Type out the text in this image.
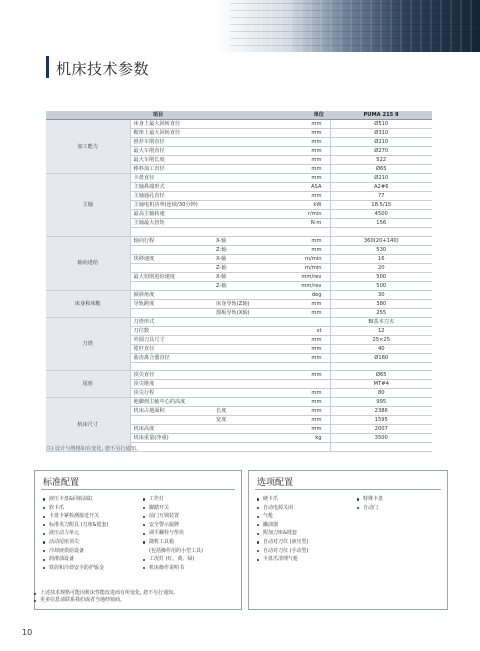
机床技术参数
项目			单位	PUMA 215 Ⅱ
加工能力	床身上最大回转直径		mm	Ø510
	鞍座上最大回转直径		mm	Ø310
	推荐车削直径		mm	Ø210
	最大车削直径		mm	Ø270
	最大车削长度		mm	522
	棒料加工直径		mm	Ø65
主轴	卡盘直径		mm	Ø210
	主轴鼻端形式		ASA	A2#6
	主轴通孔直径		mm	77
	主轴电机功率(连续/30分钟)		kW	18.5/15
	最高主轴转速		r/min	4500
	主轴最大扭矩		N·m	156

轴向进给	轴向行程	X-轴	mm	360(20+140)
		Z-轴	mm	530
	快移速度	X-轴	m/min	16
		Z-轴	m/min	20
	最大切削进给速度	X-轴	mm/rev	500
		Z-轴	mm/rev	500
床身和床鞍	倾斜角度		deg	30
	导轨跨度	床身导轨(Z轴)	mm	380
		溜板导轨(X轴)	mm	255
刀塔	刀塔形式			BI基本刀夹
	刀位数		st	12
	外圆刀具尺寸		mm	25×25
	镗杆直径		mm	40
	曲齿离合器直径		mm	Ø180

尾座	顶尖直径		mm	Ø65
	顶尖锥度			MT#4
	顶尖行程		mm	80
机床尺寸	地脚到主轴中心的高度		mm	995
	机床占地面积	长度	mm	2386
		宽度	mm	1595
	机床高度		mm	2007
	机床重量(净重)		kg	3500

注) 设计与规格如有变化, 恕不另行通知。
标准配置
液压卡盘&回转油缸
软卡爪
卡盘卡紧检测接近开关
标准夹刀附具 (刀座&镗套)
液压动力单元
活动尾座顶尖
冷却液供给设备
润滑油设备
铁屑和冷却安全防护钣金
工作灯
脚踏开关
前门互锁装置
安全警示旋牌
调平螺栓与垫块
随机工具箱
(包括操作用的小型工具)
工况灯 (红、黄、绿)
机床操作说明书
选项配置
硬卡爪
自动电源关闭
气枪
撇油器
附加刀座&镗套
自动对刀仪 (液压型)
自动对刀仪 (手动型)
卡盘爪清理气枪
特殊卡盘
自动门
上述技术规格可能因机床性能改进而有所变化, 恕不另行通知。
更多信息请联系我们或者当地经销商。
10
